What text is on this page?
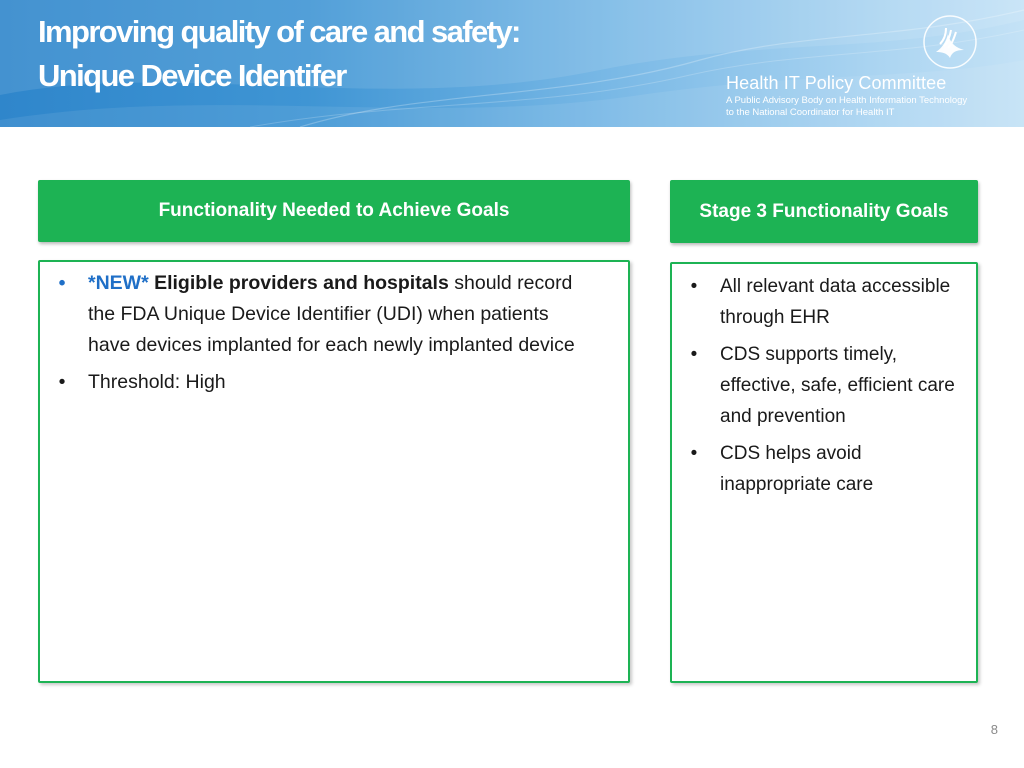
Improving quality of care and safety:
Unique Device Identifer	Health IT Policy Committee
A Public Advisory Body on Health Information Technology
to the National Coordinator for Health IT
Functionality Needed to Achieve Goals
•	*NEW* Eligible providers and hospitals should record the FDA Unique Device Identifier (UDI) when patients have devices implanted for each newly implanted device
•	Threshold: High
Stage 3 Functionality Goals
•	All relevant data accessible through EHR
•	CDS supports timely, effective, safe, efficient care and prevention
•	CDS helps avoid inappropriate care
8
